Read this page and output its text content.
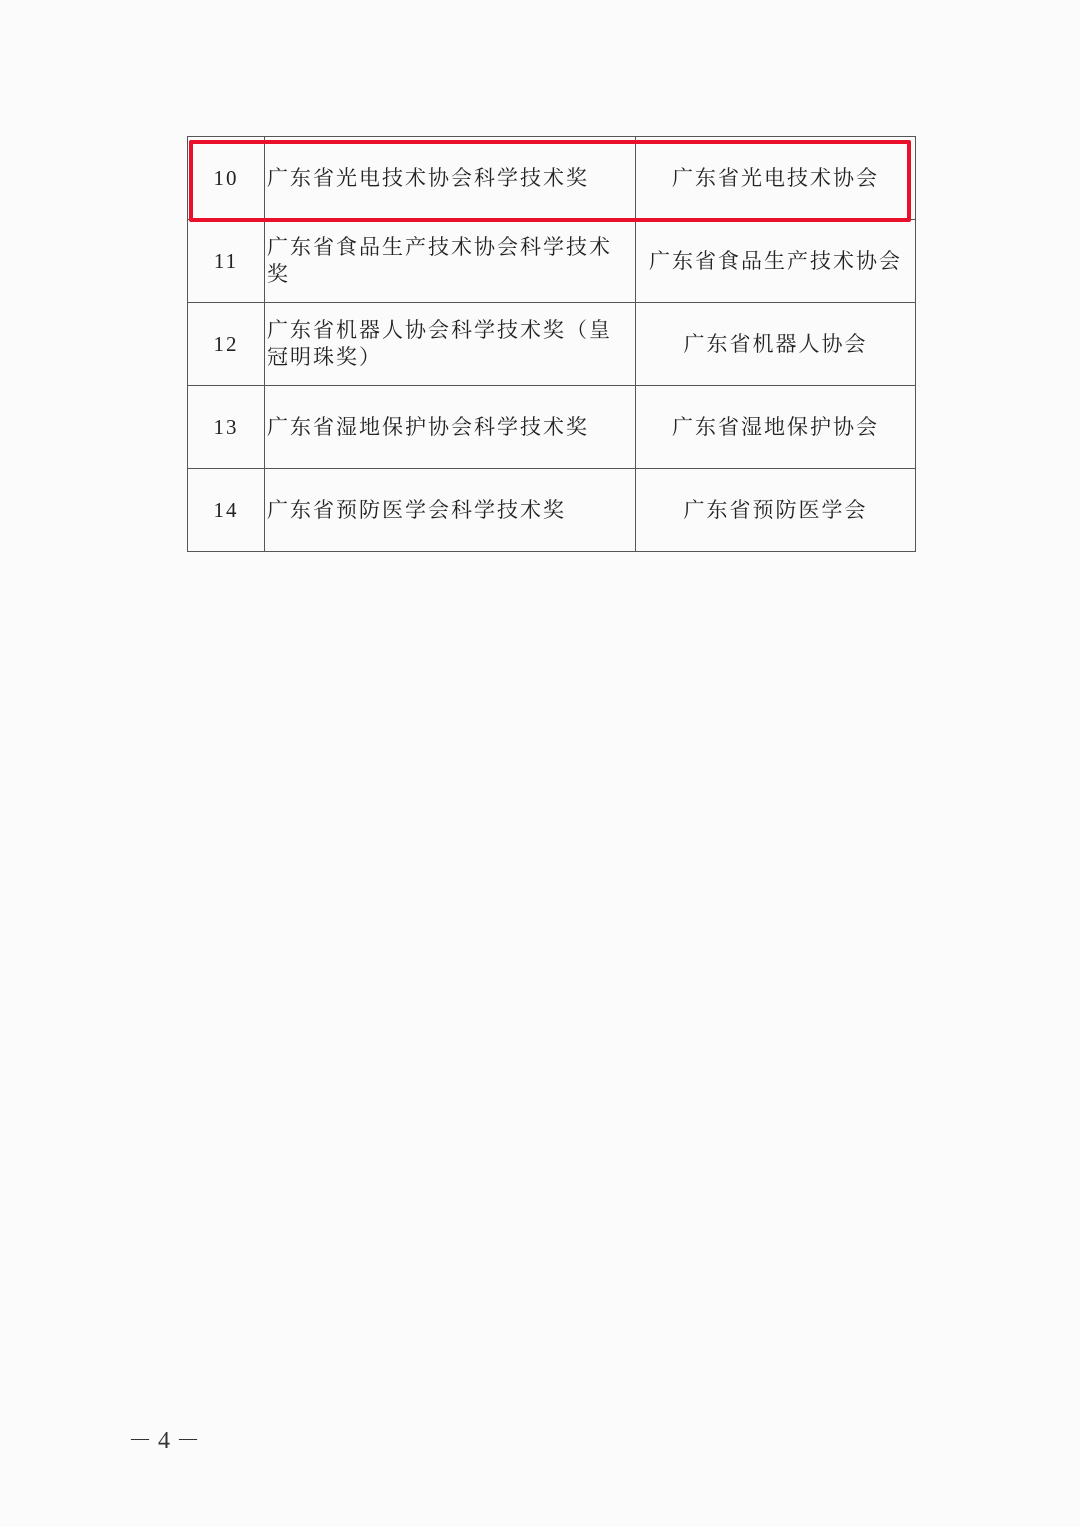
10	广东省光电技术协会科学技术奖	广东省光电技术协会
11	广东省食品生产技术协会科学技术奖	广东省食品生产技术协会
12	广东省机器人协会科学技术奖（皇冠明珠奖）	广东省机器人协会
13	广东省湿地保护协会科学技术奖	广东省湿地保护协会
14	广东省预防医学会科学技术奖	广东省预防医学会
－ 4 －
